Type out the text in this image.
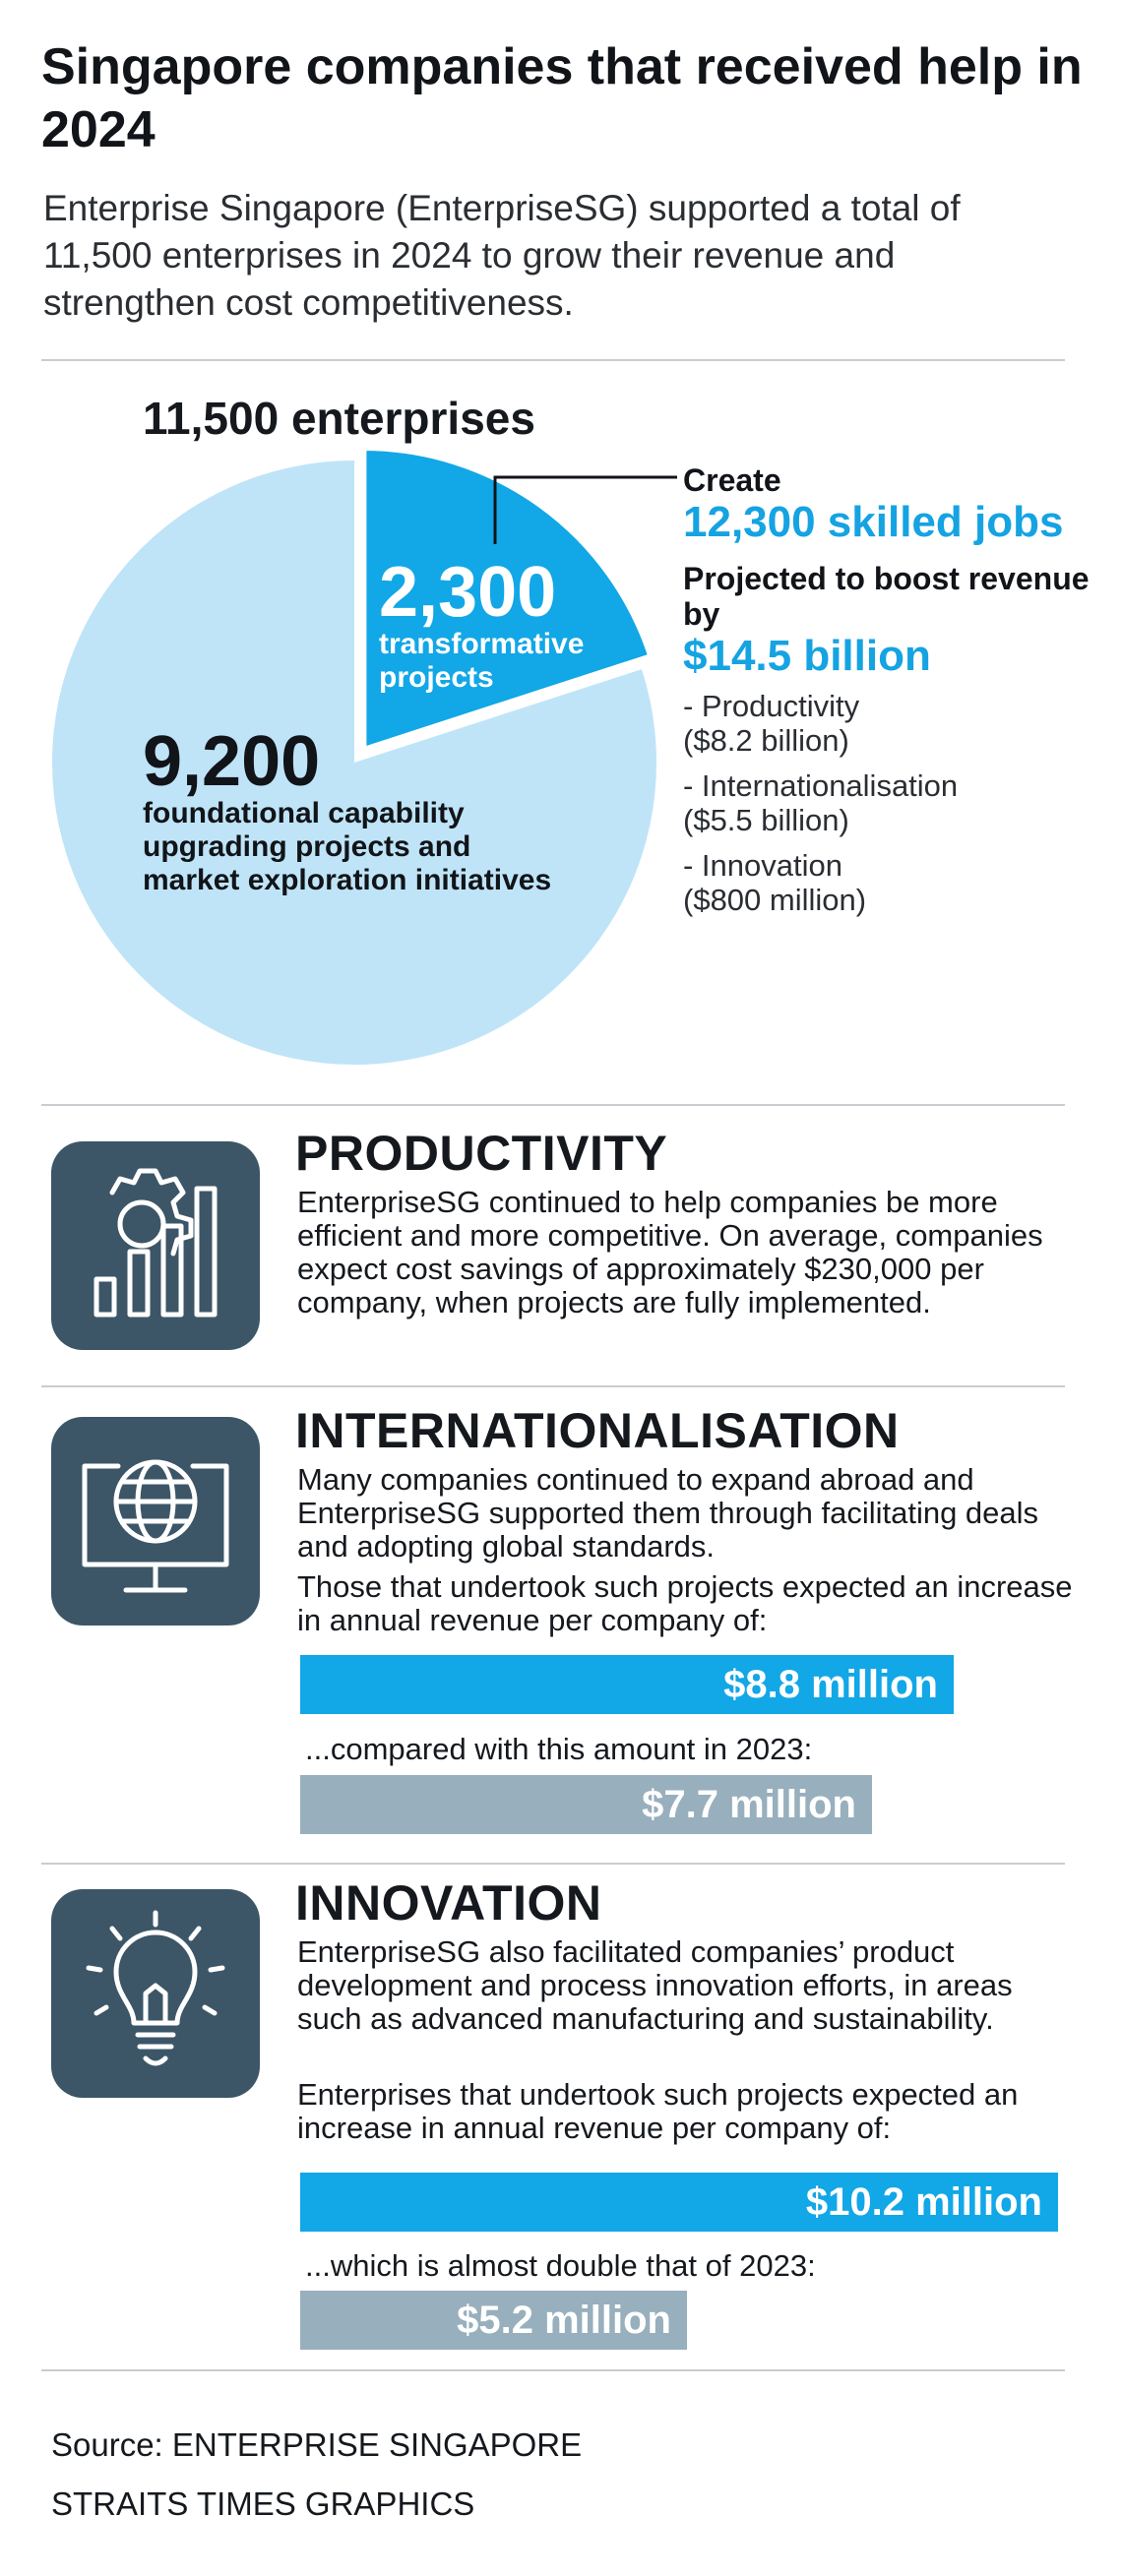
Singapore companies that received help in 2024
Enterprise Singapore (EnterpriseSG) supported a total of 11,500 enterprises in 2024 to grow their revenue and strengthen cost competitiveness.
11,500 enterprises
2,300
transformative projects
9,200
foundational capability upgrading projects and market exploration initiatives
Create
12,300 skilled jobs
Projected to boost revenue by
$14.5 billion
- Productivity
($8.2 billion)
- Internationalisation
($5.5 billion)
- Innovation
($800 million)
PRODUCTIVITY
EnterpriseSG continued to help companies be more efficient and more competitive. On average, companies expect cost savings of approximately $230,000 per company, when projects are fully implemented.
INTERNATIONALISATION
Many companies continued to expand abroad and EnterpriseSG supported them through facilitating deals and adopting global standards.
Those that undertook such projects expected an increase in annual revenue per company of:
$8.8 million
...compared with this amount in 2023:
$7.7 million
INNOVATION
EnterpriseSG also facilitated companies’ product development and process innovation efforts, in areas such as advanced manufacturing and sustainability.
Enterprises that undertook such projects expected an increase in annual revenue per company of:
$10.2 million
...which is almost double that of 2023:
$5.2 million
Source: ENTERPRISE SINGAPORE
STRAITS TIMES GRAPHICS
